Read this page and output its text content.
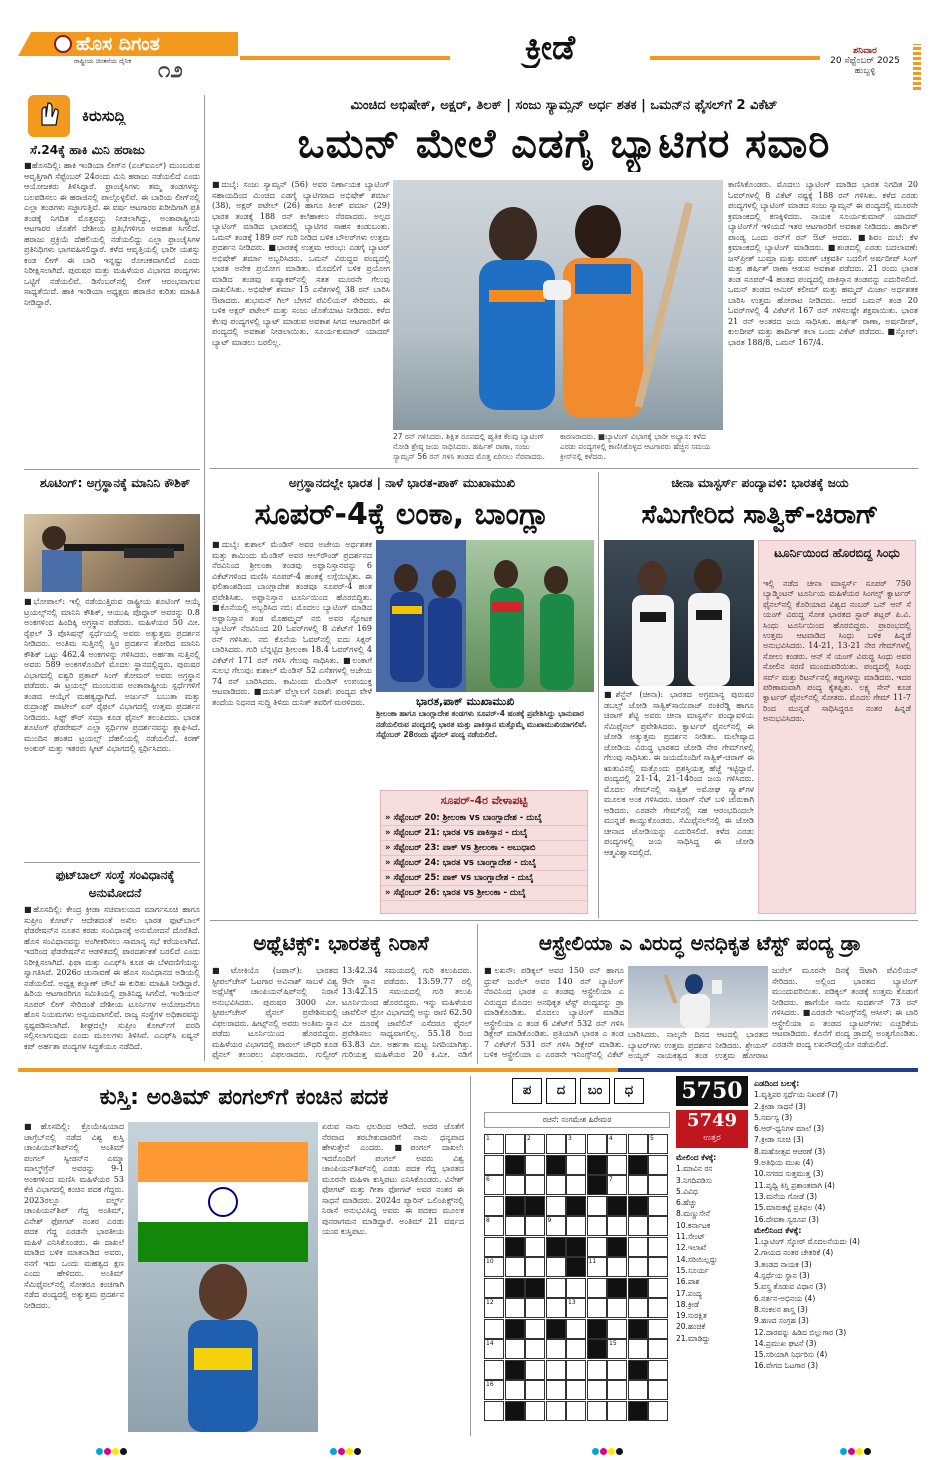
ಹೊಸ ದಿಗಂತ
ರಾಷ್ಟ್ರೀಯ ಚಿಂತನೆಯ ದೈನಿಕ ೧೨
ಕ್ರೀಡೆ	ಶನಿವಾರ
20 ಸೆಪ್ಟೆಂಬರ್ 2025
ಹುಬ್ಬಳ್ಳಿ
ಕಿರುಸುದ್ದಿ
ಸೆ.24ಕ್ಕೆ ಹಾಕಿ ಮಿನಿ ಹರಾಜು
■ಹೊಸದಿಲ್ಲಿ: ಹಾಕಿ ಇಂಡಿಯಾ ಲೀಗ್‌ನ (ಎಚ್‌ಐಎಲ್) ಮುಂಬರುವ ಆವೃತ್ತಿಗಾಗಿ ಸೆಪ್ಟೆಂಬರ್ 24ರಂದು ಮಿನಿ ಹರಾಜು ನಡೆಯಲಿದೆ ಎಂದು ಆಯೋಜಕರು ತಿಳಿಸಿದ್ದಾರೆ. ಫ್ರಾಂಚೈಸಿಗಳು ತಮ್ಮ ತಂಡಗಳನ್ನು ಬಲಪಡಿಸಲು ಈ ಹರಾಜಿನಲ್ಲಿ ಪಾಲ್ಗೊಳ್ಳಲಿವೆ. ಈ ಬಾರಿಯ ಲೀಗ್‌ನಲ್ಲಿ ಎಲ್ಲಾ ತಂಡಗಳು ಸಜ್ಜಾಗುತ್ತಿವೆ. ಈ ವರ್ಷ ಆಟಗಾರರ ಖರೀದಿಗಾಗಿ ಪ್ರತಿ ತಂಡಕ್ಕೆ ನಿಗದಿತ ಮೊತ್ತವನ್ನು ನೀಡಲಾಗಿದ್ದು, ಅಂತಾರಾಷ್ಟ್ರೀಯ ಆಟಗಾರರ ಜೊತೆಗೆ ದೇಶೀಯ ಪ್ರತಿಭೆಗಳಿಗೂ ಅವಕಾಶ ಸಿಗಲಿದೆ. ಹರಾಜು ಪ್ರಕ್ರಿಯೆ ದೆಹಲಿಯಲ್ಲಿ ನಡೆಯಲಿದ್ದು ಎಲ್ಲಾ ಫ್ರಾಂಚೈಸಿಗಳ ಪ್ರತಿನಿಧಿಗಳು ಭಾಗವಹಿಸಲಿದ್ದಾರೆ. ಕಳೆದ ಆವೃತ್ತಿಯಲ್ಲಿ ಭಾರೀ ಯಶಸ್ಸು ಕಂಡ ಲೀಗ್ ಈ ಬಾರಿ ಇನ್ನಷ್ಟು ರೋಚಕವಾಗಲಿದೆ ಎಂದು ನಿರೀಕ್ಷಿಸಲಾಗಿದೆ. ಪುರುಷರ ಮತ್ತು ಮಹಿಳೆಯರ ವಿಭಾಗದ ಪಂದ್ಯಗಳು ಒಟ್ಟಿಗೆ ನಡೆಯಲಿವೆ. ಡಿಸೆಂಬರ್‌ನಲ್ಲಿ ಲೀಗ್ ಆರಂಭವಾಗುವ ಸಾಧ್ಯತೆಯಿದೆ. ಹಾಕಿ ಇಂಡಿಯಾ ಅಧ್ಯಕ್ಷರು ಹರಾಜಿನ ಕುರಿತು ಮಾಹಿತಿ ನೀಡಿದ್ದಾರೆ.
ಶೂಟಿಂಗ್: ಅಗ್ರಸ್ಥಾನಕ್ಕೆ ಮಾನಿನಿ ಕೌಶಿಕ್
■ಭೋಪಾಲ್: ಇಲ್ಲಿ ನಡೆಯುತ್ತಿರುವ ರಾಷ್ಟ್ರೀಯ ಶೂಟಿಂಗ್ ಆಯ್ಕೆ ಟ್ರಯಲ್ಸ್‌ನಲ್ಲಿ ಮಾನಿನಿ ಕೌಶಿಕ್, ಆಯುಷಿ ಪೊದ್ದಾರ್ ಅವರನ್ನು 0.8 ಅಂಕಗಳಿಂದ ಹಿಂದಿಕ್ಕಿ ಅಗ್ರಸ್ಥಾನ ಪಡೆದರು. ಮಹಿಳೆಯರ 50 ಮೀ. ರೈಫಲ್ 3 ಪೊಸಿಷನ್ಸ್ ಸ್ಪರ್ಧೆಯಲ್ಲಿ ಅವರು ಅತ್ಯುತ್ತಮ ಪ್ರದರ್ಶನ ನೀಡಿದರು. ಅಂತಿಮ ಸುತ್ತಿನಲ್ಲಿ ಸ್ಥಿರ ಪ್ರದರ್ಶನ ತೋರಿದ ಮಾನಿನಿ ಕೌಶಿಕ್ ಒಟ್ಟು 462.4 ಅಂಕಗಳನ್ನು ಗಳಿಸಿದರು. ಅರ್ಹತಾ ಸುತ್ತಿನಲ್ಲಿ ಅವರು 589 ಅಂಕಗಳೊಂದಿಗೆ ಮೊದಲ ಸ್ಥಾನದಲ್ಲಿದ್ದರು. ಪುರುಷರ ವಿಭಾಗದಲ್ಲಿ ಐಶ್ವರಿ ಪ್ರತಾಪ್ ಸಿಂಗ್ ತೋಮರ್ ಅವರು ಅಗ್ರಸ್ಥಾನ ಪಡೆದರು. ಈ ಟ್ರಯಲ್ಸ್ ಮುಂಬರುವ ಅಂತಾರಾಷ್ಟ್ರೀಯ ಸ್ಪರ್ಧೆಗಳಿಗೆ ತಂಡದ ಆಯ್ಕೆಗೆ ಮಹತ್ವದ್ದಾಗಿದೆ. ಅರ್ಜುನ್ ಬಬುತಾ ಮತ್ತು ರುದ್ರಾಂಕ್ಷ್ ಪಾಟೀಲ್ ಏರ್ ರೈಫಲ್ ವಿಭಾಗದಲ್ಲಿ ಉತ್ತಮ ಪ್ರದರ್ಶನ ನೀಡಿದರು. ಸಿಫ್ಟ್ ಕೌರ್ ಸಮ್ರಾ ಕೂಡ ಫೈನಲ್ ತಲುಪಿದರು. ಭಾರತ ಶೂಟಿಂಗ್ ಫೆಡರೇಷನ್ ಎಲ್ಲಾ ಸ್ಪರ್ಧಿಗಳ ಪ್ರದರ್ಶನವನ್ನು ಶ್ಲಾಘಿಸಿದೆ. ಮುಂದಿನ ಹಂತದ ಟ್ರಯಲ್ಸ್ ದೆಹಲಿಯಲ್ಲಿ ನಡೆಯಲಿದೆ. ಕಿರಣ್ ಅಂಕುರ್ ಮತ್ತು ಇತರರು ಸ್ಕೀಟ್ ವಿಭಾಗದಲ್ಲಿ ಸ್ಪರ್ಧಿಸಿದರು.
ಫುಟ್‌ಬಾಲ್ ಸಂಸ್ಥೆ ಸಂವಿಧಾನಕ್ಕೆ ಅನುಮೋದನೆ
■ಹೊಸದಿಲ್ಲಿ: ಕೇಂದ್ರ ಕ್ರೀಡಾ ಸಚಿವಾಲಯದ ಮಾರ್ಗಸೂಚಿ ಹಾಗೂ ಸುಪ್ರೀಂ ಕೋರ್ಟ್ ಆದೇಶದಂತೆ ಅಖಿಲ ಭಾರತ ಫುಟ್‌ಬಾಲ್ ಫೆಡರೇಷನ್‌ನ ನೂತನ ಕರಡು ಸಂವಿಧಾನಕ್ಕೆ ಅನುಮೋದನೆ ದೊರೆತಿದೆ. ಹೊಸ ಸಂವಿಧಾನವನ್ನು ಅಂಗೀಕರಿಸಲು ಸಾಮಾನ್ಯ ಸಭೆ ಕರೆಯಲಾಗಿದೆ. ಇದರಿಂದ ಫೆಡರೇಷನ್‌ನ ಆಡಳಿತದಲ್ಲಿ ಪಾರದರ್ಶಕತೆ ಬರಲಿದೆ ಎಂದು ನಿರೀಕ್ಷಿಸಲಾಗಿದೆ. ಫಿಫಾ ಮತ್ತು ಎಎಫ್‌ಸಿ ಕೂಡ ಈ ಬೆಳವಣಿಗೆಯನ್ನು ಸ್ವಾಗತಿಸಿವೆ. 2026ರ ಚುನಾವಣೆ ಈ ಹೊಸ ಸಂವಿಧಾನದ ಅಡಿಯಲ್ಲಿ ನಡೆಯಲಿದೆ. ಅಧ್ಯಕ್ಷ ಕಲ್ಯಾಣ್ ಚೌಬೆ ಈ ಕುರಿತು ಮಾಹಿತಿ ನೀಡಿದ್ದಾರೆ. ಹಿರಿಯ ಆಟಗಾರರಿಗೂ ಸಮಿತಿಯಲ್ಲಿ ಪ್ರಾತಿನಿಧ್ಯ ಸಿಗಲಿದೆ. ಇಂಡಿಯನ್ ಸೂಪರ್ ಲೀಗ್ ಸೇರಿದಂತೆ ದೇಶೀಯ ಟೂರ್ನಿಗಳ ಆಯೋಜನೆಗೂ ಹೊಸ ನಿಯಮಗಳು ಅನ್ವಯವಾಗಲಿವೆ. ರಾಜ್ಯ ಸಂಸ್ಥೆಗಳ ಅಧಿಕಾರವನ್ನು ಸ್ಪಷ್ಟಪಡಿಸಲಾಗಿದೆ. ಶೀಘ್ರದಲ್ಲೇ ಸುಪ್ರೀಂ ಕೋರ್ಟ್‌ಗೆ ವರದಿ ಸಲ್ಲಿಸಲಾಗುವುದು ಎಂದು ಮೂಲಗಳು ತಿಳಿಸಿವೆ. ಎಎಫ್‌ಸಿ ಏಷ್ಯನ್ ಕಪ್ ಅರ್ಹತಾ ಪಂದ್ಯಗಳ ಸಿದ್ಧತೆಯೂ ನಡೆದಿದೆ.
ಮಿಂಚಿದ ಅಭಿಷೇಕ್, ಅಕ್ಷರ್, ತಿಲಕ್ | ಸಂಜು ಸ್ಯಾಮ್ಸನ್ ಅರ್ಧ ಶತಕ | ಒಮನ್‌ನ ಫೈಸಲ್‌ಗೆ 2 ವಿಕೆಟ್
ಒಮನ್ ಮೇಲೆ ಎಡಗೈ ಬ್ಯಾಟಿಗರ ಸವಾರಿ
■ದುಬೈ: ಸಂಜು ಸ್ಯಾಮ್ಸನ್ (56) ಅವರ ನಿರ್ಣಾಯಕ ಬ್ಯಾಟಿಂಗ್ ಸಹಾಯದಿಂದ ಮಿಂಚಿದ ಎಡಗೈ ಬ್ಯಾಟಿಗರಾದ ಅಭಿಷೇಕ್ ಶರ್ಮಾ (38), ಅಕ್ಷರ್ ಪಟೇಲ್ (26) ಹಾಗೂ ತಿಲಕ್ ವರ್ಮಾ (29) ಭಾರತ ತಂಡಕ್ಕೆ 188 ರನ್ ಕಲೆಹಾಕಲು ನೆರವಾದರು. ಅಲ್ಪದ ಬ್ಯಾಟಿಂಗ್ ಮಾಡಿದ ಭಾರತದಲ್ಲಿ ಬ್ಯಾಟಿಗರ ಸಾಹಸ ಕಂಡುಬಂತು. ಒಮನ್ ತಂಡಕ್ಕೆ 189 ರನ್ ಗುರಿ ನೀಡಿದ ಬಳಿಕ ಬೌಲರ್‌ಗಳು ಉತ್ತಮ ಪ್ರದರ್ಶನ ನೀಡಿದರು. ■ಭಾರತಕ್ಕೆ ಉತ್ತಮ ಆರಂಭ: ಎಡಗೈ ಬ್ಯಾಟರ್ ಅಭಿಷೇಕ್ ಶರ್ಮಾ ಅಬ್ಬರಿಸಿದರು. ಒಮನ್ ವಿರುದ್ಧದ ಪಂದ್ಯದಲ್ಲಿ ಭಾರತ ಅನೇಕ ಪ್ರಯೋಗ ಮಾಡಿತು. ಮೊದಲಿಗೆ ಬಳಿಕ ಪ್ರಯೋಗ ಮಾಡಿದ ತಂಡವು ಏಷ್ಯಾಕಪ್‌ನಲ್ಲಿ ಸತತ ಮೂರನೇ ಗೆಲುವು ದಾಖಲಿಸಿತು. ಅಭಿಷೇಕ್ ಶರ್ಮಾ 15 ಎಸೆತಗಳಲ್ಲಿ 38 ರನ್ ಬಾರಿಸಿ ಔಟಾದರು. ಶುಭಮನ್ ಗಿಲ್ ಬೇಗನೆ ಪೆವಿಲಿಯನ್ ಸೇರಿದರು. ಈ ಬಳಿಕ ಅಕ್ಷರ್ ಪಟೇಲ್ ಮತ್ತು ಸಂಜು ಜೊತೆಯಾಟ ನೀಡಿದರು. ಕಳೆದ ಕೆಲವು ಪಂದ್ಯಗಳಲ್ಲಿ ಬ್ಯಾಟ್ ಮಾಡುವ ಅವಕಾಶ ಸಿಗದ ಆಟಗಾರರಿಗೆ ಈ ಪಂದ್ಯದಲ್ಲಿ ಅವಕಾಶ ನೀಡಲಾಯಿತು. ಸೂರ್ಯಕುಮಾರ್ ಯಾದವ್ ಬ್ಯಾಟ್ ಮಾಡಲು ಬರಲಿಲ್ಲ.
27 ರನ್ ಗಳಿಸಿದರು. ಶಿಕ್ಷಿತ ರೂಪದಲ್ಲಿ ಹೃತಿಕ ಕೆಲವು ಬ್ಯಾಟಿಂಗ್ ನೋಡಿ ಶ್ರೇಷ್ಠ ಜಯ ಸಾಧಿಸಿದರು. ಹರ್ಷಿತ್ ರಾಣಾ, ಸಂಜು ಸ್ಯಾಮ್ಸನ್ 56 ರನ್ ಗಳಿಸಿ ತಂಡದ ಮೊತ್ತ ಏರಿಸಲು ನೆರವಾದರು.
ಕಾರಣರಾದರು. ■ಬ್ಯಾಟಿಂಗ್ ವಿಭಾಗಕ್ಕೆ ಭಾರೀ ಅಭ್ಯಾಸ: ಕಳೆದ ಎರಡು ಪಂದ್ಯಗಳಲ್ಲಿ ಕಾಣಿಸಿಕೊಳ್ಳದ ಆಟಗಾರರು ಹೆಚ್ಚಿನ ಸಮಯ ಕ್ರೀಸ್‌ನಲ್ಲಿ ಕಳೆದರು.
ಕಾಣಿಸಿಕೊಂಡರು. ಮೊದಲು ಬ್ಯಾಟಿಂಗ್ ಮಾಡಿದ ಭಾರತ ನಿಗದಿತ 20 ಓವರ್‌ಗಳಲ್ಲಿ 8 ವಿಕೆಟ್ ನಷ್ಟಕ್ಕೆ 188 ರನ್ ಗಳಿಸಿತು. ಕಳೆದ ಎರಡು ಪಂದ್ಯಗಳಲ್ಲಿ ಬ್ಯಾಟಿಂಗ್ ಮಾಡದ ಸಂಜು ಸ್ಯಾಮ್ಸನ್ ಈ ಪಂದ್ಯದಲ್ಲಿ ಮೂರನೇ ಕ್ರಮಾಂಕದಲ್ಲಿ ಕಣಕ್ಕಿಳಿದರು. ನಾಯಕ ಸೂರ್ಯಕುಮಾರ್ ಯಾದವ್ ಬ್ಯಾಟಿಂಗ್‌ಗೆ ಇಳಿಯದೆ ಇತರ ಆಟಗಾರರಿಗೆ ಅವಕಾಶ ನೀಡಿದರು. ಹಾರ್ದಿಕ್ ಪಾಂಡ್ಯ ಒಂದು ರನ್‌ಗೆ ರನ್ ಔಟ್ ಆದರು. ■ಶಿವಂ ದುಬೆ: ಕೆಳ ಕ್ರಮಾಂಕದಲ್ಲಿ ಬ್ಯಾಟಿಂಗ್ ಮಾಡಿದರು. ■ತಂಡದಲ್ಲಿ ಎರಡು ಬದಲಾವಣೆ: ಜಸ್‌ಪ್ರೀತ್ ಬುಮ್ರಾ ಮತ್ತು ವರುಣ್ ಚಕ್ರವರ್ತಿ ಬದಲಿಗೆ ಅರ್ಷದೀಪ್ ಸಿಂಗ್ ಮತ್ತು ಹರ್ಷಿತ್ ರಾಣಾ ಆಡುವ ಅವಕಾಶ ಪಡೆದರು. 21 ರಂದು ಭಾರತ ತಂಡ ಸೂಪರ್-4 ಹಂತದ ಪಂದ್ಯದಲ್ಲಿ ಪಾಕಿಸ್ತಾನ ತಂಡವನ್ನು ಎದುರಿಸಲಿದೆ. ಒಮನ್ ತಂಡದ ಆಮಿರ್ ಕಲೀಮ್ ಮತ್ತು ಹಮ್ಮದ್ ಮಿರ್ಜಾ ಅರ್ಧಶತಕ ಬಾರಿಸಿ ಉತ್ತಮ ಹೋರಾಟ ನೀಡಿದರು. ಆದರೆ ಒಮನ್ ತಂಡ 20 ಓವರ್‌ಗಳಲ್ಲಿ 4 ವಿಕೆಟ್‌ಗೆ 167 ರನ್ ಗಳಿಸಲಷ್ಟೇ ಶಕ್ತವಾಯಿತು. ಭಾರತ 21 ರನ್ ಅಂತರದ ಜಯ ಸಾಧಿಸಿತು. ಹರ್ಷಿತ್ ರಾಣಾ, ಅರ್ಷದೀಪ್, ಕುಲದೀಪ್ ಮತ್ತು ಹಾರ್ದಿಕ್ ತಲಾ ಒಂದು ವಿಕೆಟ್ ಪಡೆದರು. ■ಸ್ಕೋರ್: ಭಾರತ 188/8, ಒಮನ್ 167/4.
ಅಗ್ರಸ್ಥಾನದಲ್ಲೇ ಭಾರತ | ನಾಳೆ ಭಾರತ-ಪಾಕ್ ಮುಖಾಮುಖಿ
ಸೂಪರ್-4ಕ್ಕೆ ಲಂಕಾ, ಬಾಂಗ್ಲಾ
■ದುಬೈ: ಕುಶಾಲ್ ಮೆಂಡಿಸ್ ಅವರ ಅಜೇಯ ಅರ್ಧಶತಕ ಮತ್ತು ಕಾಮಿಂದು ಮೆಂಡಿಸ್ ಅವರ ಆಲ್‌ರೌಂಡ್ ಪ್ರದರ್ಶನದ ನೆರವಿನಿಂದ ಶ್ರೀಲಂಕಾ ತಂಡವು ಅಫ್ಘಾನಿಸ್ತಾನವನ್ನು 6 ವಿಕೆಟ್‌ಗಳಿಂದ ಮಣಿಸಿ ಸೂಪರ್-4 ಹಂತಕ್ಕೆ ಲಗ್ಗೆಯಿಟ್ಟಿತು. ಈ ಫಲಿತಾಂಶದಿಂದ ಬಾಂಗ್ಲಾದೇಶ ತಂಡವೂ ಸೂಪರ್-4 ಹಂತ ಪ್ರವೇಶಿಸಿತು. ಅಫ್ಘಾನಿಸ್ತಾನ ಟೂರ್ನಿಯಿಂದ ಹೊರಬಿದ್ದಿತು. ■ಕೊನೆಯಲ್ಲಿ ಅಬ್ಬರಿಸಿದ ನಬಿ: ಮೊದಲು ಬ್ಯಾಟಿಂಗ್ ಮಾಡಿದ ಅಫ್ಘಾನಿಸ್ತಾನ ತಂಡ ಮೊಹಮ್ಮದ್ ನಬಿ ಅವರ ಸ್ಫೋಟಕ ಬ್ಯಾಟಿಂಗ್ ನೆರವಿನಿಂದ 20 ಓವರ್‌ಗಳಲ್ಲಿ 8 ವಿಕೆಟ್‌ಗೆ 169 ರನ್ ಗಳಿಸಿತು. ನಬಿ ಕೊನೆಯ ಓವರ್‌ನಲ್ಲಿ ಐದು ಸಿಕ್ಸರ್ ಬಾರಿಸಿದರು. ಗುರಿ ಬೆನ್ನಟ್ಟಿದ ಶ್ರೀಲಂಕಾ 18.4 ಓವರ್‌ಗಳಲ್ಲಿ 4 ವಿಕೆಟ್‌ಗೆ 171 ರನ್ ಗಳಿಸಿ ಗೆಲುವು ಸಾಧಿಸಿತು. ■ಲಂಕಾಗೆ ಸುಲಭ ಗೆಲುವು: ಕುಶಾಲ್ ಮೆಂಡಿಸ್ 52 ಎಸೆತಗಳಲ್ಲಿ ಅಜೇಯ 74 ರನ್ ಬಾರಿಸಿದರು. ಕಾಮಿಂದು ಮೆಂಡಿಸ್ ಉಪಯುಕ್ತ ಆಟವಾಡಿದರು. ■ದುನಿತ್ ವೆಲ್ಲಾಲಗೆ ನಿರಾಶೆ: ಪಂದ್ಯದ ವೇಳೆ ತಂದೆಯ ನಿಧನದ ಸುದ್ದಿ ತಿಳಿದು ದುನಿತ್ ತವರಿಗೆ ಮರಳಿದರು.	ಭಾರತ,ಪಾಕ್ ಮುಖಾಮುಖಿ
ಶ್ರೀಲಂಕಾ ಹಾಗೂ ಬಾಂಗ್ಲಾದೇಶ ತಂಡಗಳು ಸೂಪರ್-4 ಹಂತಕ್ಕೆ ಪ್ರವೇಶಿಸಿದ್ದು ಭಾನುವಾರ ನಡೆಯಲಿರುವ ಪಂದ್ಯದಲ್ಲಿ ಭಾರತ ಮತ್ತು ಪಾಕಿಸ್ತಾನ ಮತ್ತೊಮ್ಮೆ ಮುಖಾಮುಖಿಯಾಗಲಿವೆ. ಸೆಪ್ಟೆಂಬರ್ 28ರಂದು ಫೈನಲ್ ಪಂದ್ಯ ನಡೆಯಲಿದೆ.
ಸೂಪರ್-4ರ ವೇಳಾಪಟ್ಟಿ
» ಸೆಪ್ಟೆಂಬರ್ 20: ಶ್ರೀಲಂಕಾ vs ಬಾಂಗ್ಲಾದೇಶ - ದುಬೈ
» ಸೆಪ್ಟೆಂಬರ್ 21: ಭಾರತ vs ಪಾಕಿಸ್ತಾನ - ದುಬೈ
» ಸೆಪ್ಟೆಂಬರ್ 23: ಪಾಕ್ vs ಶ್ರೀಲಂಕಾ - ಅಬುಧಾಬಿ
» ಸೆಪ್ಟೆಂಬರ್ 24: ಭಾರತ vs ಬಾಂಗ್ಲಾದೇಶ - ದುಬೈ
» ಸೆಪ್ಟೆಂಬರ್ 25: ಪಾಕ್ vs ಬಾಂಗ್ಲಾದೇಶ - ದುಬೈ
» ಸೆಪ್ಟೆಂಬರ್ 26: ಭಾರತ vs ಶ್ರೀಲಂಕಾ - ದುಬೈ
ಚೀನಾ ಮಾಸ್ಟರ್ಸ್ ಪಂದ್ಯಾವಳಿ: ಭಾರತಕ್ಕೆ ಜಯ
ಸೆಮಿಗೇರಿದ ಸಾತ್ವಿಕ್-ಚಿರಾಗ್
■ಶೆನ್ಜೆನ್ (ಚೀನಾ): ಭಾರತದ ಅಗ್ರಮಾನ್ಯ ಪುರುಷರ ಡಬಲ್ಸ್ ಜೋಡಿ ಸಾತ್ವಿಕ್‌ಸಾಯಿರಾಜ್ ರಂಕಿರೆಡ್ಡಿ ಹಾಗೂ ಚಿರಾಗ್ ಶೆಟ್ಟಿ ಅವರು ಚೀನಾ ಮಾಸ್ಟರ್ಸ್ ಪಂದ್ಯಾವಳಿಯ ಸೆಮಿಫೈನಲ್ ಪ್ರವೇಶಿಸಿದರು. ಕ್ವಾರ್ಟರ್ ಫೈನಲ್‌ನಲ್ಲಿ ಈ ಜೋಡಿ ಅತ್ಯುತ್ತಮ ಪ್ರದರ್ಶನ ನೀಡಿತು. ಮಲೇಷ್ಯಾದ ಜೋಡಿಯ ವಿರುದ್ಧ ಭಾರತದ ಜೋಡಿ ನೇರ ಗೇಮ್‌ಗಳಲ್ಲಿ ಗೆಲುವು ಸಾಧಿಸಿತು. ಈ ಜಯದೊಂದಿಗೆ ಸಾತ್ವಿಕ್-ಚಿರಾಗ್ ಈ ಋತುವಿನಲ್ಲಿ ಮತ್ತೊಂದು ಪ್ರಶಸ್ತಿಯತ್ತ ಹೆಜ್ಜೆ ಇಟ್ಟಿದ್ದಾರೆ. ಪಂದ್ಯದಲ್ಲಿ 21-14, 21-14ರಿಂದ ಜಯ ಗಳಿಸಿದರು. ಮೊದಲ ಗೇಮ್‌ನಲ್ಲಿ ಸಾತ್ವಿಕ್ ಅಮೋಘ ಸ್ಮ್ಯಾಶ್‌ಗಳ ಮೂಲಕ ಅಂಕ ಗಳಿಸಿದರು. ಚಿರಾಗ್ ನೆಟ್ ಬಳಿ ಚುರುಕಾಗಿ ಆಡಿದರು. ಎರಡನೇ ಗೇಮ್‌ನಲ್ಲಿ ಸಹ ಆರಂಭದಿಂದಲೇ ಮುನ್ನಡೆ ಕಾಯ್ದುಕೊಂಡರು. ಸೆಮಿಫೈನಲ್‌ನಲ್ಲಿ ಈ ಜೋಡಿ ಚೀನಾದ ಜೋಡಿಯನ್ನು ಎದುರಿಸಲಿದೆ. ಕಳೆದ ಎರಡು ಪಂದ್ಯಗಳಲ್ಲಿ ಜಯ ಸಾಧಿಸಿದ್ದ ಈ ಜೋಡಿ ಆತ್ಮವಿಶ್ವಾಸದಲ್ಲಿದೆ.
ಟೂರ್ನಿಯಿಂದ ಹೊರಬಿದ್ದ ಸಿಂಧು
ಇಲ್ಲಿ ನಡೆದ ಚೀನಾ ಮಾಸ್ಟರ್ಸ್ ಸೂಪರ್ 750 ಬ್ಯಾಡ್ಮಿಂಟನ್ ಟೂರ್ನಿಯ ಮಹಿಳೆಯರ ಸಿಂಗಲ್ಸ್ ಕ್ವಾರ್ಟರ್ ಫೈನಲ್‌ನಲ್ಲಿ ಕೊರಿಯಾದ ವಿಶ್ವದ ನಂಬರ್ ಒನ್ ಆನ್ ಸೆ ಯಂಗ್ ವಿರುದ್ಧ ಸೋತ ಭಾರತದ ಸ್ಟಾರ್ ಶಟ್ಲರ್ ಪಿ.ವಿ. ಸಿಂಧು ಟೂರ್ನಿಯಿಂದ ಹೊರಬಿದ್ದರು. ಪ್ರಾರಂಭದಲ್ಲಿ ಉತ್ತಮ ಆಟವಾಡಿದ ಸಿಂಧು ಬಳಿಕ ಹಿನ್ನಡೆ ಅನುಭವಿಸಿದರು. 14-21, 13-21 ನೇರ ಗೇಮ್‌ಗಳಲ್ಲಿ ಸೋಲು ಕಂಡರು. ಆನ್ ಸೆ ಯಂಗ್ ವಿರುದ್ಧ ಸಿಂಧು ಅವರ ಸೋಲಿನ ಸರಣಿ ಮುಂದುವರಿಯಿತು. ಪಂದ್ಯದಲ್ಲಿ ಸಿಂಧು ಸರ್ವ್ ಮತ್ತು ರಿಟರ್ನ್‌ನಲ್ಲಿ ತಪ್ಪುಗಳನ್ನು ಮಾಡಿದರು. ಇದರ ಪರಿಣಾಮವಾಗಿ ಪಂದ್ಯ ಕೈತಪ್ಪಿತು. ಲಕ್ಷ್ಯ ಸೇನ್ ಕೂಡ ಕ್ವಾರ್ಟರ್ ಫೈನಲ್‌ನಲ್ಲಿ ಸೋತರು. ಮೊದಲ ಗೇಮ್ 11-7 ರಿಂದ ಮುನ್ನಡೆ ಸಾಧಿಸಿದ್ದರೂ ನಂತರ ಹಿನ್ನಡೆ ಅನುಭವಿಸಿದರು.
ಅಥ್ಲೆಟಿಕ್ಸ್: ಭಾರತಕ್ಕೆ ನಿರಾಸೆ
■ಟೋಕಿಯೊ (ಜಪಾನ್): ಭಾರತದ ಸ್ಟೀಪಲ್‌ಚೇಸ್ ಓಟಗಾರ ಅವಿನಾಶ್ ಸಾಬಳೆ ವಿಶ್ವ ಅಥ್ಲೆಟಿಕ್ಸ್ ಚಾಂಪಿಯನ್‌ಷಿಪ್‌ನಲ್ಲಿ ನಿರಾಸೆ ಅನುಭವಿಸಿದರು. ಪುರುಷರ 3000 ಮೀ. ಸ್ಟೀಪಲ್‌ಚೇಸ್ ಫೈನಲ್ ಪ್ರವೇಶಿಸುವಲ್ಲಿ ವಿಫಲರಾದರು. ಹೀಟ್ಸ್‌ನಲ್ಲಿ ಅವರು ಅಂತಿಮ ಸ್ಥಾನ ಪಡೆದು ಟೂರ್ನಿಯಿಂದ ಹೊರಬಿದ್ದರು. ಮಹಿಳೆಯರ ವಿಭಾಗದಲ್ಲಿ ಪಾರುಲ್ ಚೌಧರಿ ಕೂಡ ಫೈನಲ್ ತಲುಪಲು ವಿಫಲರಾದರು. ಗುಲ್ವೀರ್
13:42.34 ಸಮಯದಲ್ಲಿ ಗುರಿ ತಲುಪಿದರು. 9ನೇ ಸ್ಥಾನ ಪಡೆದರು. 13:59.77 ರಲ್ಲಿ 13:42.15 ಸಮಯದಲ್ಲಿ ಗುರಿ ತಲುಪಿ ಟೂರ್ನಿಯಿಂದ ಹೊರಬಿದ್ದರು. ಇನ್ನು ಮಹಿಳೆಯರ ಜಾವೆಲಿನ್ ಥ್ರೋ ವಿಭಾಗದಲ್ಲಿ ಅನ್ನು ರಾಣಿ 62.50 ಮೀ ದೂರಕ್ಕೆ ಜಾವೆಲಿನ್ ಎಸೆದರೂ ಫೈನಲ್ ಪ್ರವೇಶಿಸಲು ಸಾಧ್ಯವಾಗಲಿಲ್ಲ. 55.18 ರಿಂದ 63.83 ಮೀ. ಅರ್ಹತಾ ಮಟ್ಟ ನಿಗದಿಯಾಗಿತ್ತು. ಗುರಿಯತ್ತ ಮಹಿಳೆಯರ 20 ಕಿ.ಮೀ. ನಡಿಗೆ
ಆಸ್ಟ್ರೇಲಿಯಾ ಎ ವಿರುದ್ಧ ಅನಧಿಕೃತ ಟೆಸ್ಟ್ ಪಂದ್ಯ ಡ್ರಾ
■ಲಖನೌ: ಪಡಿಕ್ಕಲ್ ಅವರ 150 ರನ್ ಹಾಗೂ ಧ್ರುವ್ ಜುರೆಲ್ ಅವರ 140 ರನ್ ಬ್ಯಾಟಿಂಗ್ ನೆರವಿನಿಂದ ಭಾರತ ಎ ತಂಡವು ಆಸ್ಟ್ರೇಲಿಯಾ ಎ ವಿರುದ್ಧದ ಮೊದಲ ಅನಧಿಕೃತ ಟೆಸ್ಟ್ ಪಂದ್ಯವನ್ನು ಡ್ರಾ ಮಾಡಿಕೊಂಡಿತು. ಮೊದಲು ಬ್ಯಾಟಿಂಗ್ ಮಾಡಿದ ಆಸ್ಟ್ರೇಲಿಯಾ ಎ ತಂಡ 6 ವಿಕೆಟ್‌ಗೆ 532 ರನ್ ಗಳಿಸಿ ಡಿಕ್ಲೇರ್ ಮಾಡಿಕೊಂಡಿತು. ಪ್ರತಿಯಾಗಿ ಭಾರತ ಎ ತಂಡ 7 ವಿಕೆಟ್‌ಗೆ 531 ರನ್ ಗಳಿಸಿ ಡಿಕ್ಲೇರ್ ಮಾಡಿತು. ಬಳಿಕ ಆಸ್ಟ್ರೇಲಿಯಾ ಎ ಎರಡನೇ ಇನಿಂಗ್ಸ್‌ನಲ್ಲಿ ವಿಕೆಟ್
ಬಾರಿಸಿದರು. ನಾಲ್ಕನೇ ದಿನದ ಆಟದಲ್ಲಿ ಭಾರತದ ಬ್ಯಾಟರ್‌ಗಳು ಉತ್ತಮ ಪ್ರದರ್ಶನ ನೀಡಿದರು. ಶ್ರೇಯಸ್ ಅಯ್ಯರ್ ನಾಯಕತ್ವದ ತಂಡ ಉತ್ತಮ ಹೋರಾಟ
ಜುರೆಲ್ ಮೂರನೇ ದಿನಕ್ಕೆ ಔಟಾಗಿ ಪೆವಿಲಿಯನ್ ಸೇರಿದರು. ಅಲ್ಲಿಂದ ಭಾರತದ ಬ್ಯಾಟಿಂಗ್ ಮುಂದುವರಿಯಿತು. ಪಡಿಕ್ಕಲ್ ತಂಡಕ್ಕೆ ಉತ್ತಮ ಕೊಡುಗೆ ನೀಡಿದರು. ಹಾಗೆಯೇ ಸಾಯಿ ಸುದರ್ಶನ್ 73 ರನ್ ಗಳಿಸಿದರು. ■ಎರಡನೇ ಇನಿಂಗ್ಸ್‌ನಲ್ಲಿ ಆಸೀಸ್: ಈ ಬಾರಿ ಆಸ್ಟ್ರೇಲಿಯಾ ಎ ತಂಡದ ಬ್ಯಾಟರ್‌ಗಳು ಎಚ್ಚರಿಕೆಯ ಆಟವಾಡಿದರು. ಕೊನೆಗೆ ಪಂದ್ಯ ಡ್ರಾದಲ್ಲಿ ಅಂತ್ಯಗೊಂಡಿತು. ಎರಡನೇ ಪಂದ್ಯ ಲಖನೌದಲ್ಲಿಯೇ ನಡೆಯಲಿದೆ.
ಕುಸ್ತಿ: ಅಂತಿಮ್ ಪಂಗಲ್‌ಗೆ ಕಂಚಿನ ಪದಕ
■ಹೊಸದಿಲ್ಲಿ: ಕ್ರೊಯೇಷಿಯಾದ ಜಾಗ್ರೆಬ್‌ನಲ್ಲಿ ನಡೆದ ವಿಶ್ವ ಕುಸ್ತಿ ಚಾಂಪಿಯನ್‌ಶಿಪ್‌ನಲ್ಲಿ ಅಂತಿಮ್ ಪಂಗಲ್ ಸ್ವೀಡನ್‌ನ ಎಮ್ಮಾ ಮಾಲ್ಮ್‌ಗ್ರೆನ್ ಅವರನ್ನು 9-1 ಅಂಕಗಳಿಂದ ಮಣಿಸಿ ಮಹಿಳೆಯರ 53 ಕೆಜಿ ವಿಭಾಗದಲ್ಲಿ ಕಂಚಿನ ಪದಕ ಗೆದ್ದರು. 2023ರಲ್ಲೂ ವರ್ಲ್ಡ್ ಚಾಂಪಿಯನ್‌ಶಿಪ್ ಗೆದ್ದ ಅಂತಿಮ್, ವಿನೇಶ್ ಫೋಗಟ್ ನಂತರ ಎರಡು ಪದಕ ಗೆದ್ದ ಎರಡನೇ ಭಾರತೀಯ ಮಹಿಳೆ ಎನಿಸಿಕೊಂಡರು. ಈ ದಾಖಲೆ ಮಾಡಿದ ಬಳಿಕ ಮಾತನಾಡಿದ ಅವರು, ನನಗೆ ಇದು ಒಂದು ಮಹತ್ವದ ಕ್ಷಣ ಎಂದು ಹೇಳಿದರು. ಅಂತಿಮ್ ಸೆಮಿಫೈನಲ್‌ನಲ್ಲಿ ಸೋತರೂ ಕಂಚಿಗಾಗಿ ನಡೆದ ಪಂದ್ಯದಲ್ಲಿ ಅತ್ಯುತ್ತಮ ಪ್ರದರ್ಶನ ನೀಡಿದರು.
ಏರುವ ನಾನು ಛಲದಿಂದ ಆಡಿದೆ. ಅದರ ಜೊತೆಗೆ ನೆರವಾದ ತರಬೇತುದಾರರಿಗೆ ನಾನು ಧನ್ಯವಾದ ಹೇಳುತ್ತೇನೆ ಎಂದರು. ■ಪಂಗಲ್ ದಾಖಲೆ: ಇದರೊಂದಿಗೆ ಪಂಗಲ್ ಅವರು ವಿಶ್ವ ಚಾಂಪಿಯನ್‌ಶಿಪ್‌ನಲ್ಲಿ ಎರಡು ಪದಕ ಗೆದ್ದ ಭಾರತದ ಮೂರನೇ ಮಹಿಳಾ ಕುಸ್ತಿಪಟು ಎನಿಸಿಕೊಂಡರು. ವಿನೇಶ್ ಫೋಗಟ್ ಮತ್ತು ಗೀತಾ ಫೋಗಟ್ ಅವರ ನಂತರ ಈ ಸಾಧನೆ ಮಾಡಿದರು. 2024ರ ಪ್ಯಾರಿಸ್ ಒಲಿಂಪಿಕ್ಸ್‌ನಲ್ಲಿ ನಿರಾಸೆ ಅನುಭವಿಸಿದ್ದ ಅವರು ಈ ಪದಕದ ಮೂಲಕ ಪುನರಾಗಮನ ಮಾಡಿದ್ದಾರೆ. ಅಂತಿಮ್ 21 ವರ್ಷದ ಯುವ ಕುಸ್ತಿಪಟು.
ಪ	ದ	ಬಂ	ಧ	5750
ರಚನೆ: ಸಂಗಮೇಶ ಹಿರೇಮಠ
1	2	3	4	5
6	7
8	9
10	11
12	13
14	15
16
5749
ಉತ್ತರ
ಮೇಲಿಂದ ಕೆಳಕ್ಕೆ:
1.ಮಾವಿನ ರಸ
3.ನಿಗದಿಪಡಿಸು
5.ವಿವಿಧ
6.ಹೆಚ್ಚು
8.ಮಣ್ಣುಸೇನೆ
10.ಕರ್ನಾಟಕ
11.ಸೇಂಟ್
12.ಇಲಾಖೆ
14.ಸರಿಯಿಲ್ಲದ್ದು
15.ಸೂರ್ಯ
16.ಪಾಶ
17.ಪಂದ್ಯ
18.ಕ್ರೀಡೆ
19.ಸುರಕ್ಷಿತ
20.ಹಂಚಿಕೆ
21.ಮಾಡಿದ್ದು
ಎಡದಿಂದ ಬಲಕ್ಕೆ:
1.ವೃತ್ತಿಪರ ಸ್ಪರ್ಧೆಯ ನಿಖರತೆ (7)
2.ಕ್ರೀಡಾ ಸಾಧನೆ (3)
5.ಸರ್ವಸ್ವ (3)
6.ಆರ್-ಧ್ವನಿಗಳ ಮಾಲೆ (3)
7.ಕ್ರೀಡಾ ಸೂಚಿ (3)
8.ಮಹೋತ್ಸವ ಆಚರಣೆ (3)
9.ಅತಿಥಿಯ ಮುಖ (4)
10.ನಗರದ ಸುತ್ತಮುತ್ತ (3)
11.ಪೃಥ್ವಿ ಕಿಸ್ತಿ ಪ್ರಶಾಂತವಾಗಿ (4)
13.ಮನೆಯ ಗೋಡೆ (3)
15.ಮಾರುಕಟ್ಟೆ ಪ್ರತಿಫಲ (4)
16.ದೇವತಾ ಸ್ವರೂಪ (3)
ಮೇಲಿನಿಂದ ಕೆಳಕ್ಕೆ:
1.ಬ್ಯಾಟಿಂಗ್ ಸ್ಕೋರ್ ಮೊದಲನೆಯದು (4)
2.ಗಾಯದ ನಂತರ ಚೇತರಿಕೆ (4)
3.ತಂಡದ ನಾಯಕ (3)
4.ಸ್ಪರ್ಧೆಯ ಸ್ಥಾನ (3)
5.ವಸ್ತ್ರ ತೊಡುವ ವಿಧಾನ (3)
6.ನರ್ತನ-ಅಭಿನಯ (4)
8.ಸಂಕಲನ ಶಾಸ್ತ್ರ (3)
9.ಹಣದ ಸಂಗ್ರಹ (3)
12.ದಾರವನ್ನು ಹಿಡಿದ ಬಿಲ್ಲುಗಾರ (3)
14.ಪ್ರಮುಖ ಘಟನೆ (3)
15.ಸರಿಯಾಗಿ ನಿರ್ಧರಿಸು (4)
16.ವೇಗದ ಓಟಗಾರ (3)
